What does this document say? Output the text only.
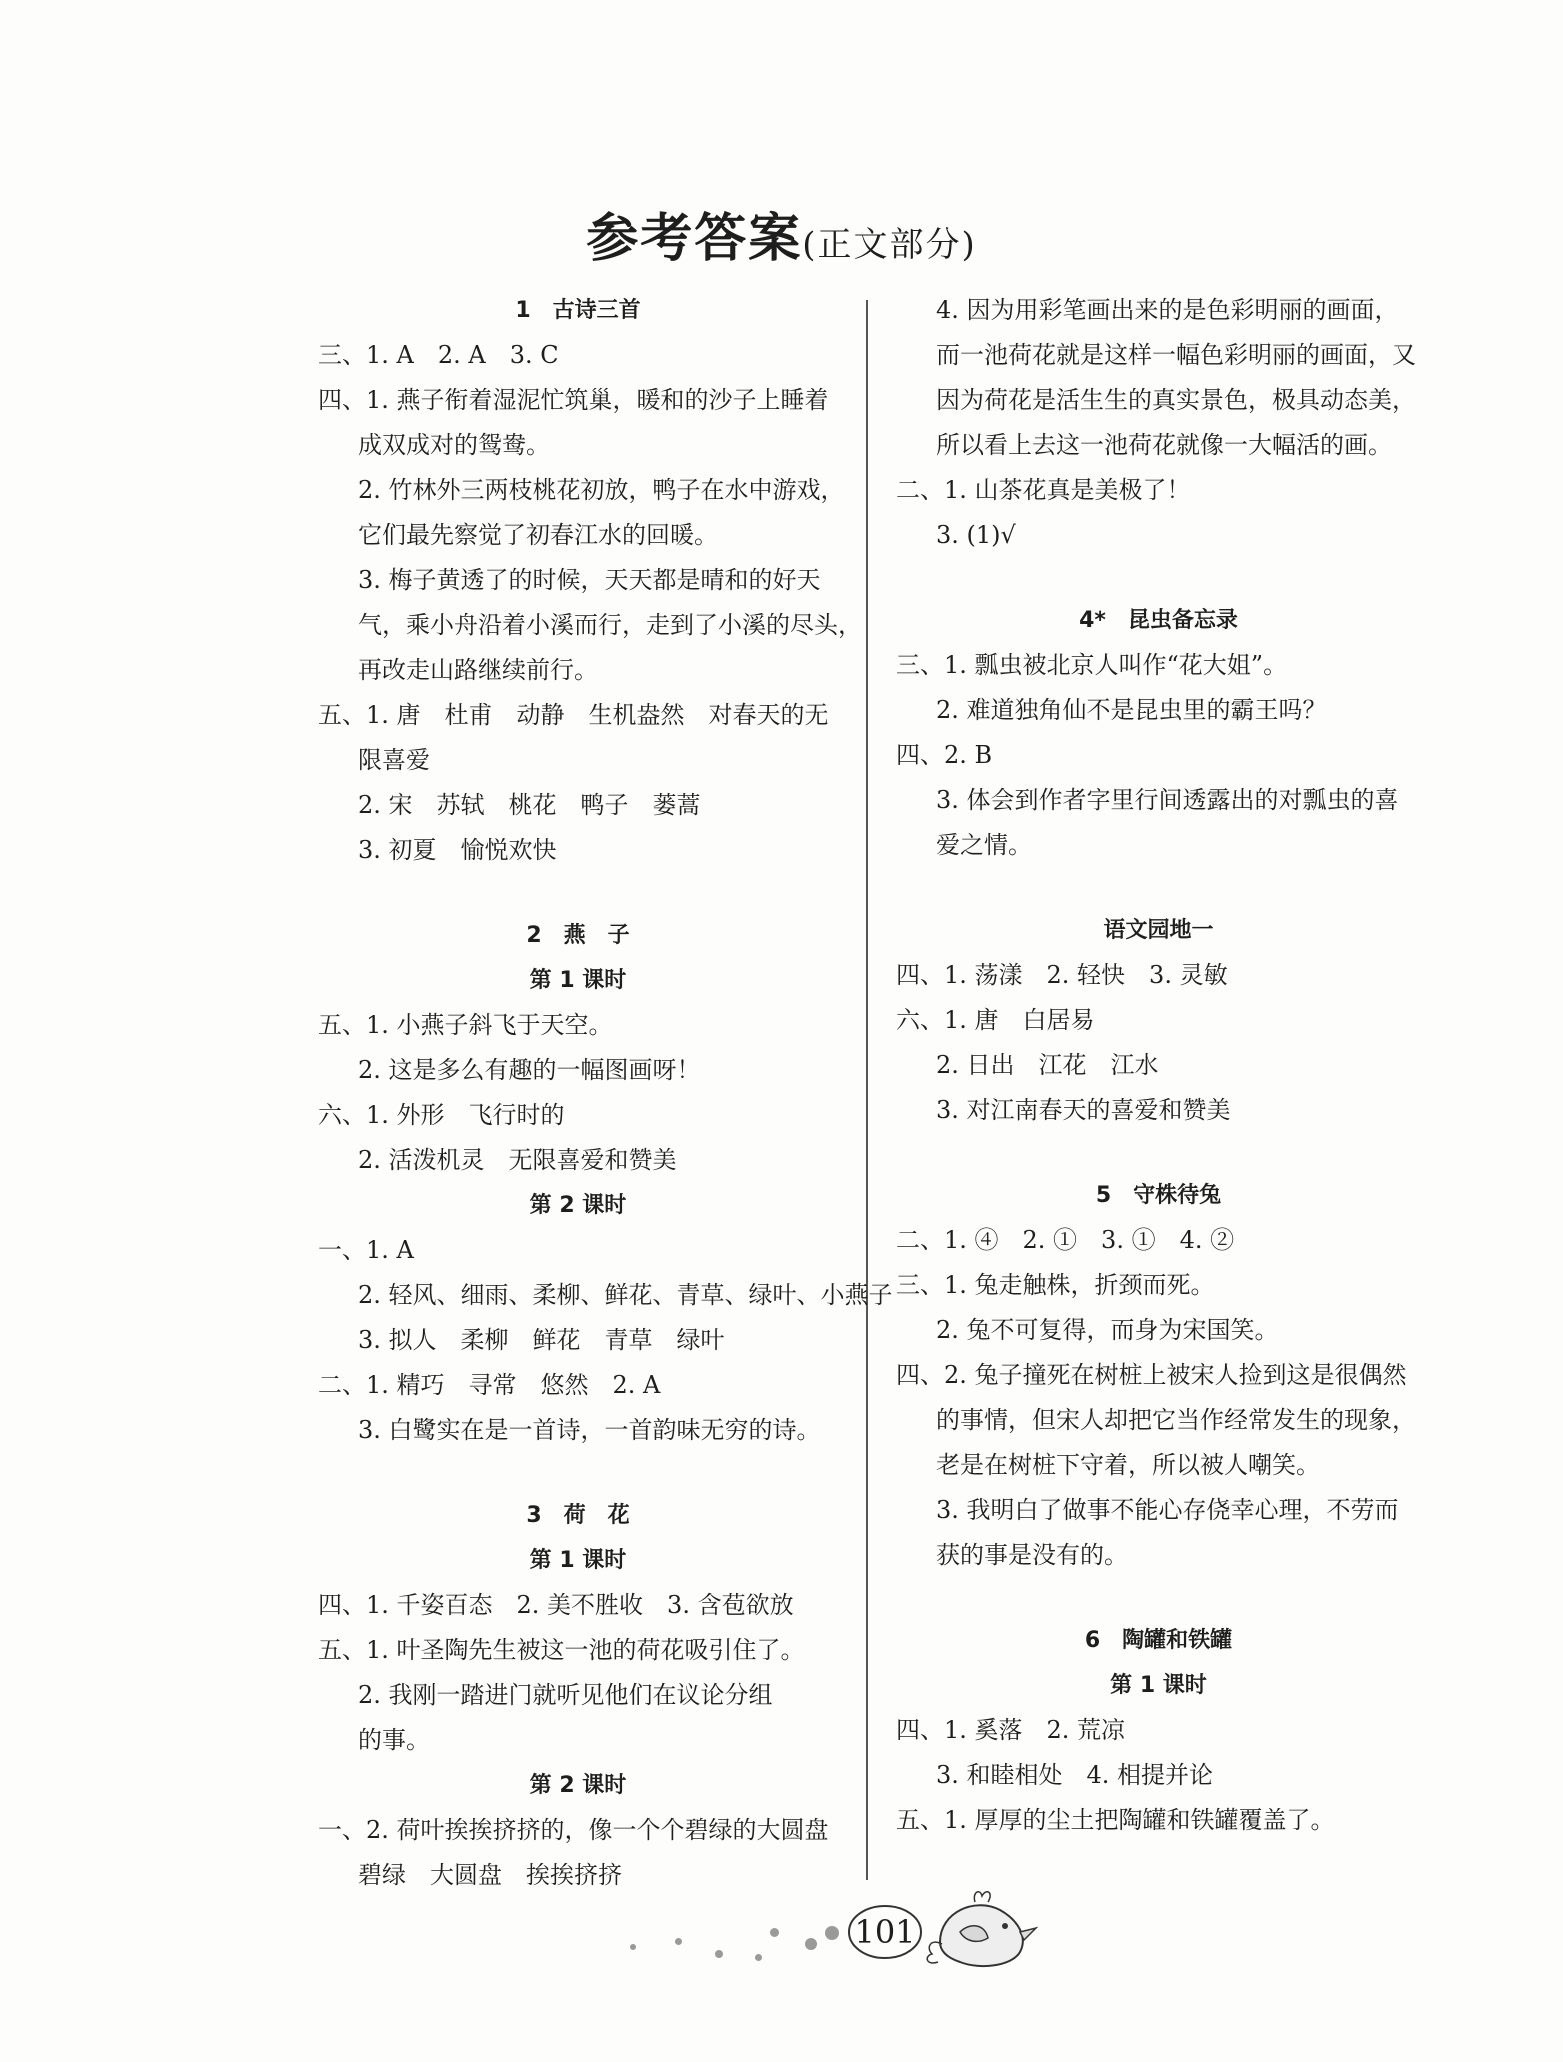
参考答案(正文部分)
1　古诗三首
三、1. A　2. A　3. C
四、1. 燕子衔着湿泥忙筑巢，暖和的沙子上睡着
成双成对的鸳鸯。
2. 竹林外三两枝桃花初放，鸭子在水中游戏，
它们最先察觉了初春江水的回暖。
3. 梅子黄透了的时候，天天都是晴和的好天
气，乘小舟沿着小溪而行，走到了小溪的尽头，
再改走山路继续前行。
五、1. 唐　杜甫　动静　生机盎然　对春天的无
限喜爱
2. 宋　苏轼　桃花　鸭子　蒌蒿
3. 初夏　愉悦欢快
2　燕　子
第 1 课时
五、1. 小燕子斜飞于天空。
2. 这是多么有趣的一幅图画呀！
六、1. 外形　飞行时的
2. 活泼机灵　无限喜爱和赞美
第 2 课时
一、1. A
2. 轻风、细雨、柔柳、鲜花、青草、绿叶、小燕子
3. 拟人　柔柳　鲜花　青草　绿叶
二、1. 精巧　寻常　悠然　2. A
3. 白鹭实在是一首诗，一首韵味无穷的诗。
3　荷　花
第 1 课时
四、1. 千姿百态　2. 美不胜收　3. 含苞欲放
五、1. 叶圣陶先生被这一池的荷花吸引住了。
2. 我刚一踏进门就听见他们在议论分组
的事。
第 2 课时
一、2. 荷叶挨挨挤挤的，像一个个碧绿的大圆盘
碧绿　大圆盘　挨挨挤挤
4. 因为用彩笔画出来的是色彩明丽的画面，
而一池荷花就是这样一幅色彩明丽的画面，又
因为荷花是活生生的真实景色，极具动态美，
所以看上去这一池荷花就像一大幅活的画。
二、1. 山茶花真是美极了！
3. (1)√
4*　昆虫备忘录
三、1. 瓢虫被北京人叫作“花大姐”。
2. 难道独角仙不是昆虫里的霸王吗？
四、2. B
3. 体会到作者字里行间透露出的对瓢虫的喜
爱之情。
语文园地一
四、1. 荡漾　2. 轻快　3. 灵敏
六、1. 唐　白居易
2. 日出　江花　江水
3. 对江南春天的喜爱和赞美
5　守株待兔
二、1. ④　2. ①　3. ①　4. ②
三、1. 兔走触株，折颈而死。
2. 兔不可复得，而身为宋国笑。
四、2. 兔子撞死在树桩上被宋人捡到这是很偶然
的事情，但宋人却把它当作经常发生的现象，
老是在树桩下守着，所以被人嘲笑。
3. 我明白了做事不能心存侥幸心理，不劳而
获的事是没有的。
6　陶罐和铁罐
第 1 课时
四、1. 奚落　2. 荒凉
3. 和睦相处　4. 相提并论
五、1. 厚厚的尘土把陶罐和铁罐覆盖了。
101
